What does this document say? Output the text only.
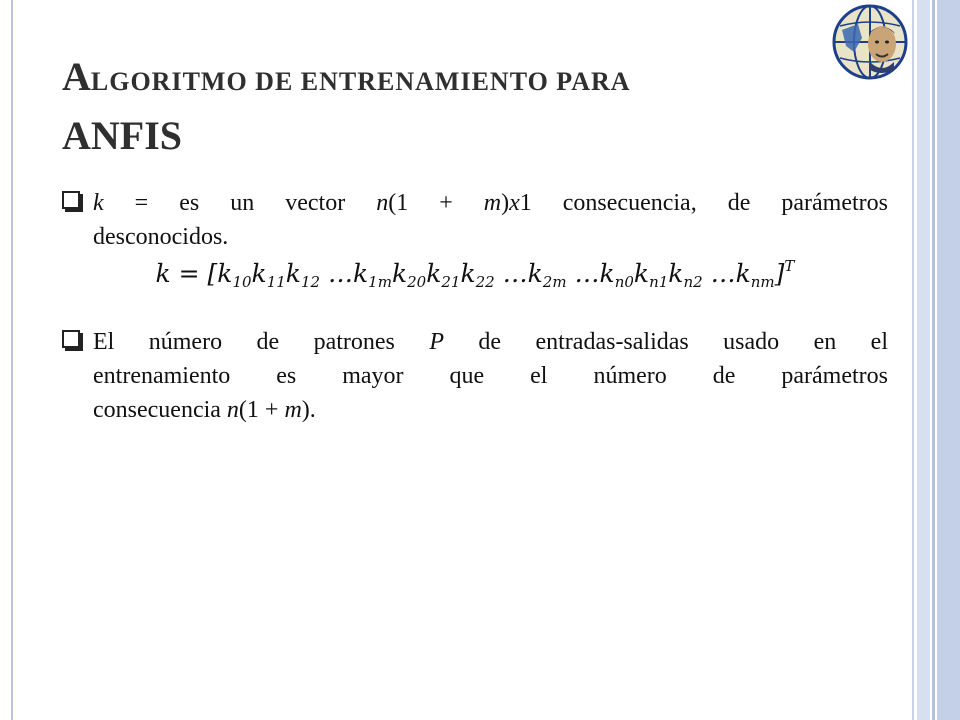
ALGORITMO DE ENTRENAMIENTO PARA
ANFIS

k = es un vector n(1 + m)x1 consecuencia, de parámetros

desconocidos.

$k = [k_{10}k_{11}k_{12}$ $\dots k_{1m}k_{20}k_{21}k_{22}$ $\dots k_{2m}$ $\dots k_{n0}k_{n1}k_{n2}$ $\dots k_{nm}]^T$

El número de patrones P de entradas-salidas usado en el

entrenamiento es mayor que el número de parámetros

consecuencia n(1 + m).
